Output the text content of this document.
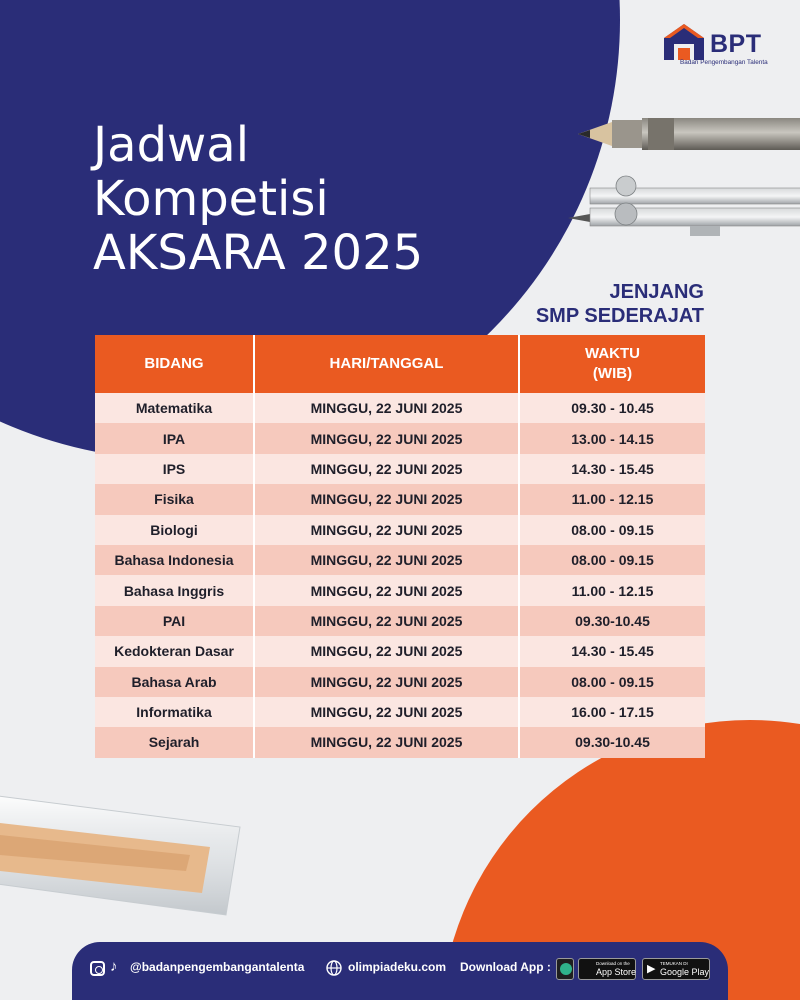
BPT
Badan Pengembangan Talenta
Jadwal
Kompetisi
AKSARA 2025
JENJANG
SMP SEDERAJAT
BIDANG	HARI/TANGGAL	WAKTU
(WIB)

Matematika	MINGGU, 22 JUNI 2025	09.30 - 10.45
IPA	MINGGU, 22 JUNI 2025	13.00 - 14.15
IPS	MINGGU, 22 JUNI 2025	14.30 - 15.45
Fisika	MINGGU, 22 JUNI 2025	11.00 - 12.15
Biologi	MINGGU, 22 JUNI 2025	08.00 - 09.15
Bahasa Indonesia	MINGGU, 22 JUNI 2025	08.00 - 09.15
Bahasa Inggris	MINGGU, 22 JUNI 2025	11.00 - 12.15
PAI	MINGGU, 22 JUNI 2025	09.30-10.45
Kedokteran Dasar	MINGGU, 22 JUNI 2025	14.30 - 15.45
Bahasa Arab	MINGGU, 22 JUNI 2025	08.00 - 09.15
Informatika	MINGGU, 22 JUNI 2025	16.00 - 17.15
Sejarah	MINGGU, 22 JUNI 2025	09.30-10.45
♪ @badanpengembangantalenta	olimpiadeku.com Download App :	Download on the
App Store ▶ TEMUKAN DI
Google Play
